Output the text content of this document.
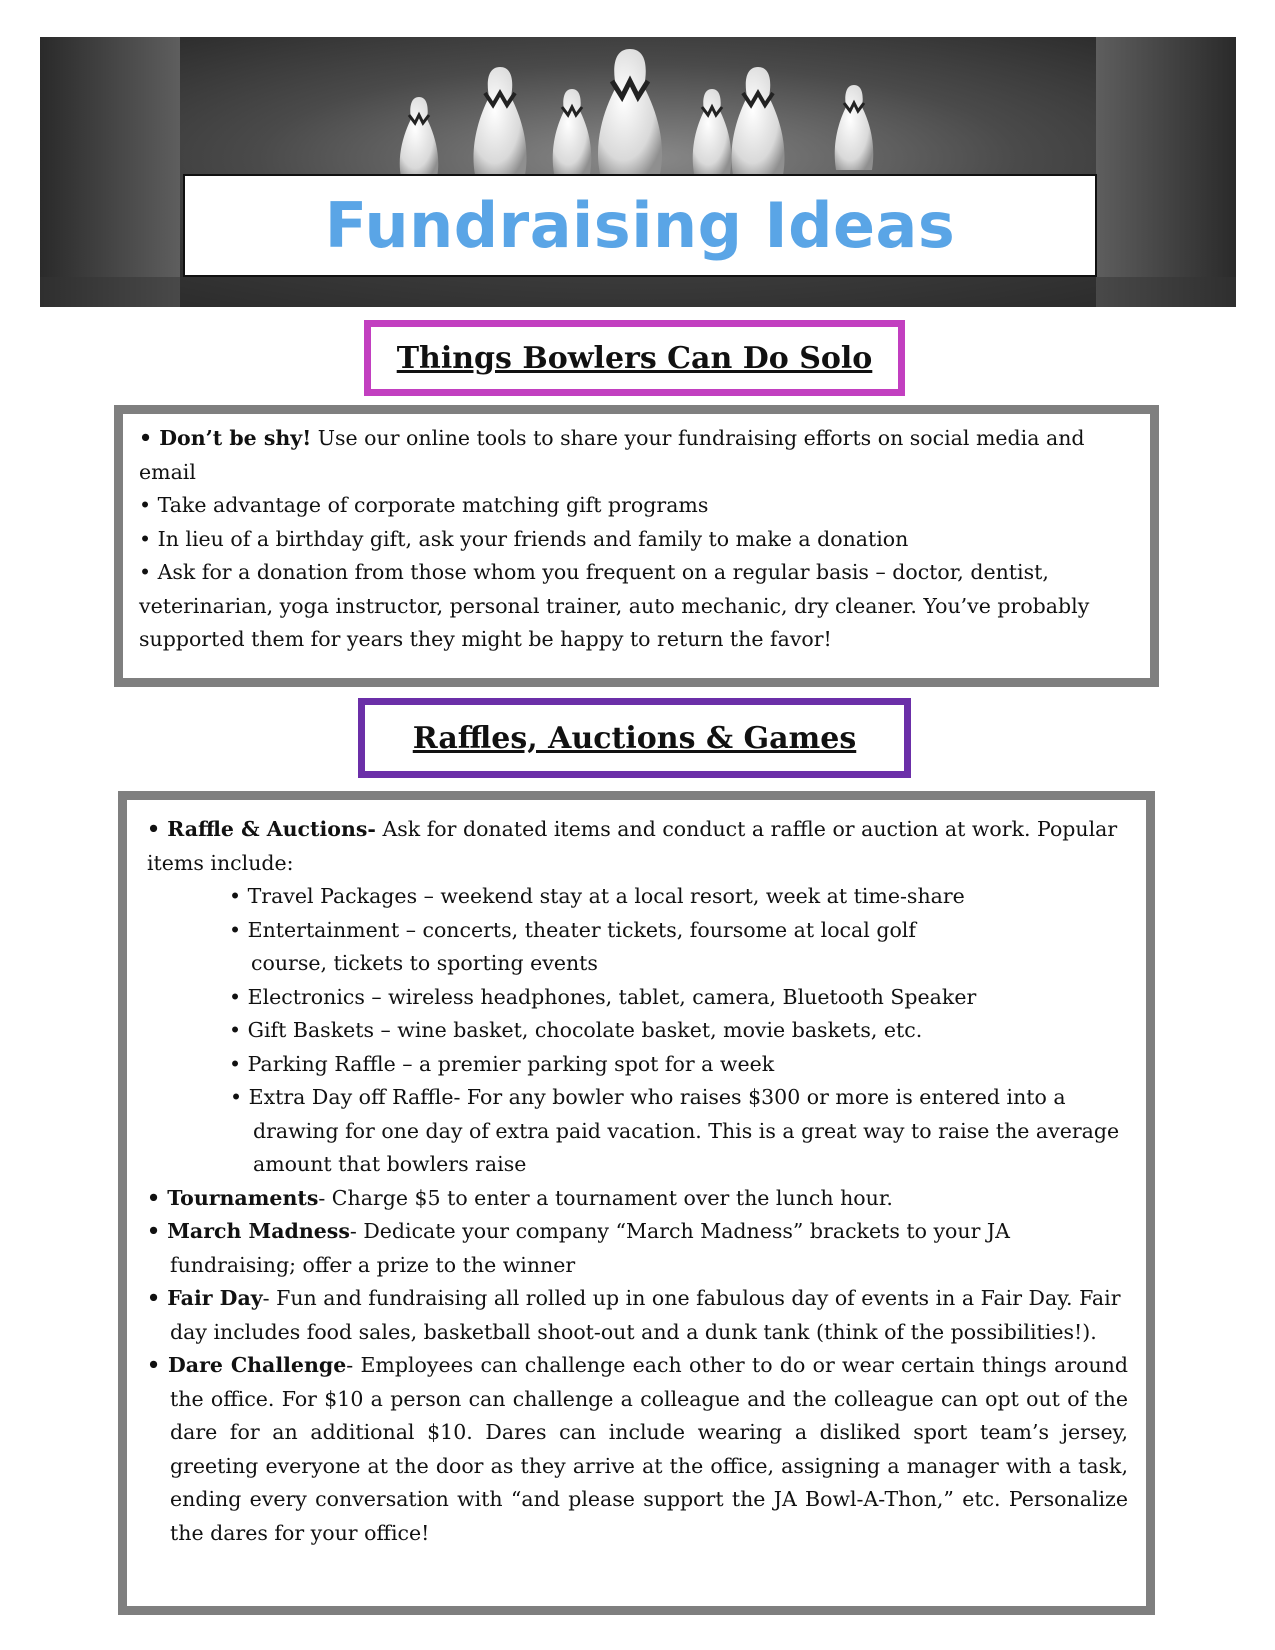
Fundraising Ideas
Things Bowlers Can Do Solo

• Don’t be shy! Use our online tools to share your fundraising efforts on social media and email

• Take advantage of corporate matching gift programs

• In lieu of a birthday gift, ask your friends and family to make a donation

• Ask for a donation from those whom you frequent on a regular basis – doctor, dentist, veterinarian, yoga instructor, personal trainer, auto mechanic, dry cleaner. You’ve probably supported them for years they might be happy to return the favor!

Raffles, Auctions & Games

• Raffle & Auctions- Ask for donated items and conduct a raffle or auction at work. Popular items include:

• Travel Packages – weekend stay at a local resort, week at time-share

• Entertainment – concerts, theater tickets, foursome at local golf

course, tickets to sporting events

• Electronics – wireless headphones, tablet, camera, Bluetooth Speaker

• Gift Baskets – wine basket, chocolate basket, movie baskets, etc.

• Parking Raffle – a premier parking spot for a week

• Extra Day off Raffle- For any bowler who raises $300 or more is entered into a drawing for one day of extra paid vacation. This is a great way to raise the average amount that bowlers raise

• Tournaments- Charge $5 to enter a tournament over the lunch hour.

• March Madness- Dedicate your company “March Madness” brackets to your JA fundraising; offer a prize to the winner

• Fair Day- Fun and fundraising all rolled up in one fabulous day of events in a Fair Day. Fair day includes food sales, basketball shoot-out and a dunk tank (think of the possibilities!).

• Dare Challenge- Employees can challenge each other to do or wear certain things around the office. For $10 a person can challenge a colleague and the colleague can opt out of the dare for an additional $10. Dares can include wearing a disliked sport team’s jersey, greeting everyone at the door as they arrive at the office, assigning a manager with a task, ending every conversation with “and please support the JA Bowl-A-Thon,” etc. Personalize the dares for your office!
